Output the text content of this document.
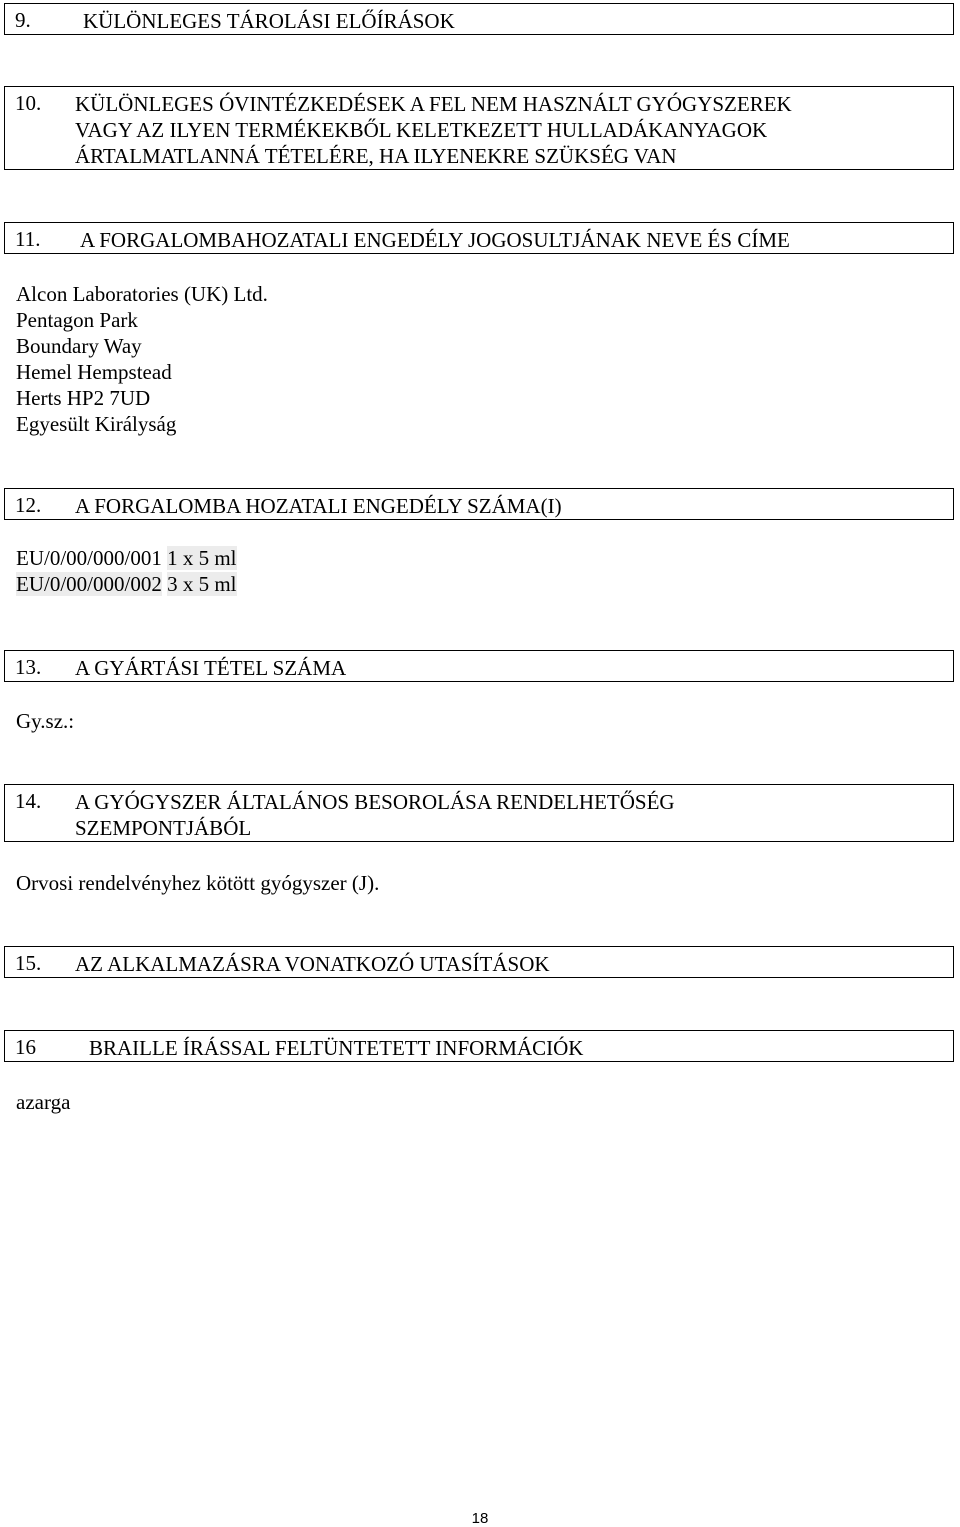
9. KÜLÖNLEGES TÁROLÁSI ELŐÍRÁSOK
10. KÜLÖNLEGES ÓVINTÉZKEDÉSEK A FEL NEM HASZNÁLT GYÓGYSZEREK
VAGY AZ ILYEN TERMÉKEKBŐL KELETKEZETT HULLADÁKANYAGOK
ÁRTALMATLANNÁ TÉTELÉRE, HA ILYENEKRE SZÜKSÉG VAN
11. A FORGALOMBAHOZATALI ENGEDÉLY JOGOSULTJÁNAK NEVE ÉS CÍME
Alcon Laboratories (UK) Ltd.
Pentagon Park
Boundary Way
Hemel Hempstead
Herts HP2 7UD
Egyesült Királyság
12. A FORGALOMBA HOZATALI ENGEDÉLY SZÁMA(I)
EU/0/00/000/001 1 x 5 ml
EU/0/00/000/002 3 x 5 ml
13. A GYÁRTÁSI TÉTEL SZÁMA
Gy.sz.:
14. A GYÓGYSZER ÁLTALÁNOS BESOROLÁSA RENDELHETŐSÉG
SZEMPONTJÁBÓL
Orvosi rendelvényhez kötött gyógyszer (J).
15. AZ ALKALMAZÁSRA VONATKOZÓ UTASÍTÁSOK
16	BRAILLE ÍRÁSSAL FELTÜNTETETT INFORMÁCIÓK
azarga
18
